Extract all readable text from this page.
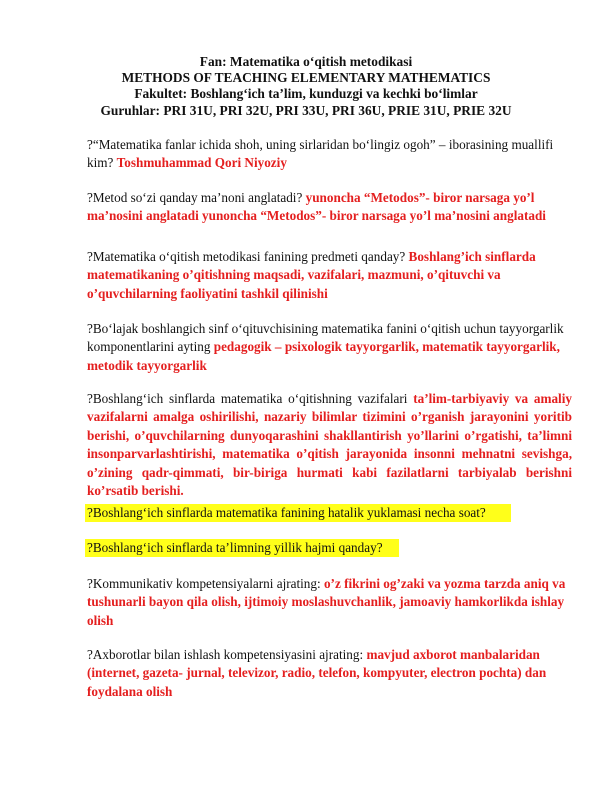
Fan: Matematika oʻqitish metodikasi
METHODS OF TEACHING ELEMENTARY MATHEMATICS
Fakultet: Boshlangʻich taʼlim, kunduzgi va kechki boʻlimlar
Guruhlar: PRI 31U, PRI 32U, PRI 33U, PRI 36U, PRIE 31U, PRIE 32U
?“Matematika fanlar ichida shoh, uning sirlaridan boʻlingiz ogoh” – iborasining muallifi kim? Toshmuhammad Qori Niyoziy
?Metod soʻzi qanday maʼnoni anglatadi? yunoncha “Metodos”- biror narsaga yo’l ma’nosini anglatadi yunoncha “Metodos”- biror narsaga yo’l ma’nosini anglatadi
?Matematika oʻqitish metodikasi fanining predmeti qanday? Boshlang’ich sinflarda matematikaning o’qitishning maqsadi, vazifalari, mazmuni, o’qituvchi va o’quvchilarning faoliyatini tashkil qilinishi
?Boʻlajak boshlangich sinf oʻqituvchisining matematika fanini oʻqitish uchun tayyorgarlik komponentlarini ayting pedagogik – psixologik tayyorgarlik, matematik tayyorgarlik, metodik tayyorgarlik
?Boshlangʻich sinflarda matematika oʻqitishning vazifalari ta’lim-tarbiyaviy va amaliy vazifalarni amalga oshirilishi, nazariy bilimlar tizimini o’rganish jarayonini yoritib berishi, o’quvchilarning dunyoqarashini shakllantirish yo’llarini o’rgatishi, ta’limni insonparvarlashtirishi, matematika o’qitish jarayonida insonni mehnatni sevishga, o’zining qadr-qimmati, bir-biriga hurmati kabi fazilatlarni tarbiyalab berishni ko’rsatib berishi.
?Boshlangʻich sinflarda matematika fanining hatalik yuklamasi necha soat?
?Boshlangʻich sinflarda taʼlimning yillik hajmi qanday?
?Kommunikativ kompetensiyalarni ajrating: o’z fikrini og’zaki va yozma tarzda aniq va tushunarli bayon qila olish, ijtimoiy moslashuvchanlik, jamoaviy hamkorlikda ishlay olish
?Axborotlar bilan ishlash kompetensiyasini ajrating: mavjud axborot manbalaridan (internet, gazeta- jurnal, televizor, radio, telefon, kompyuter, electron pochta) dan foydalana olish
